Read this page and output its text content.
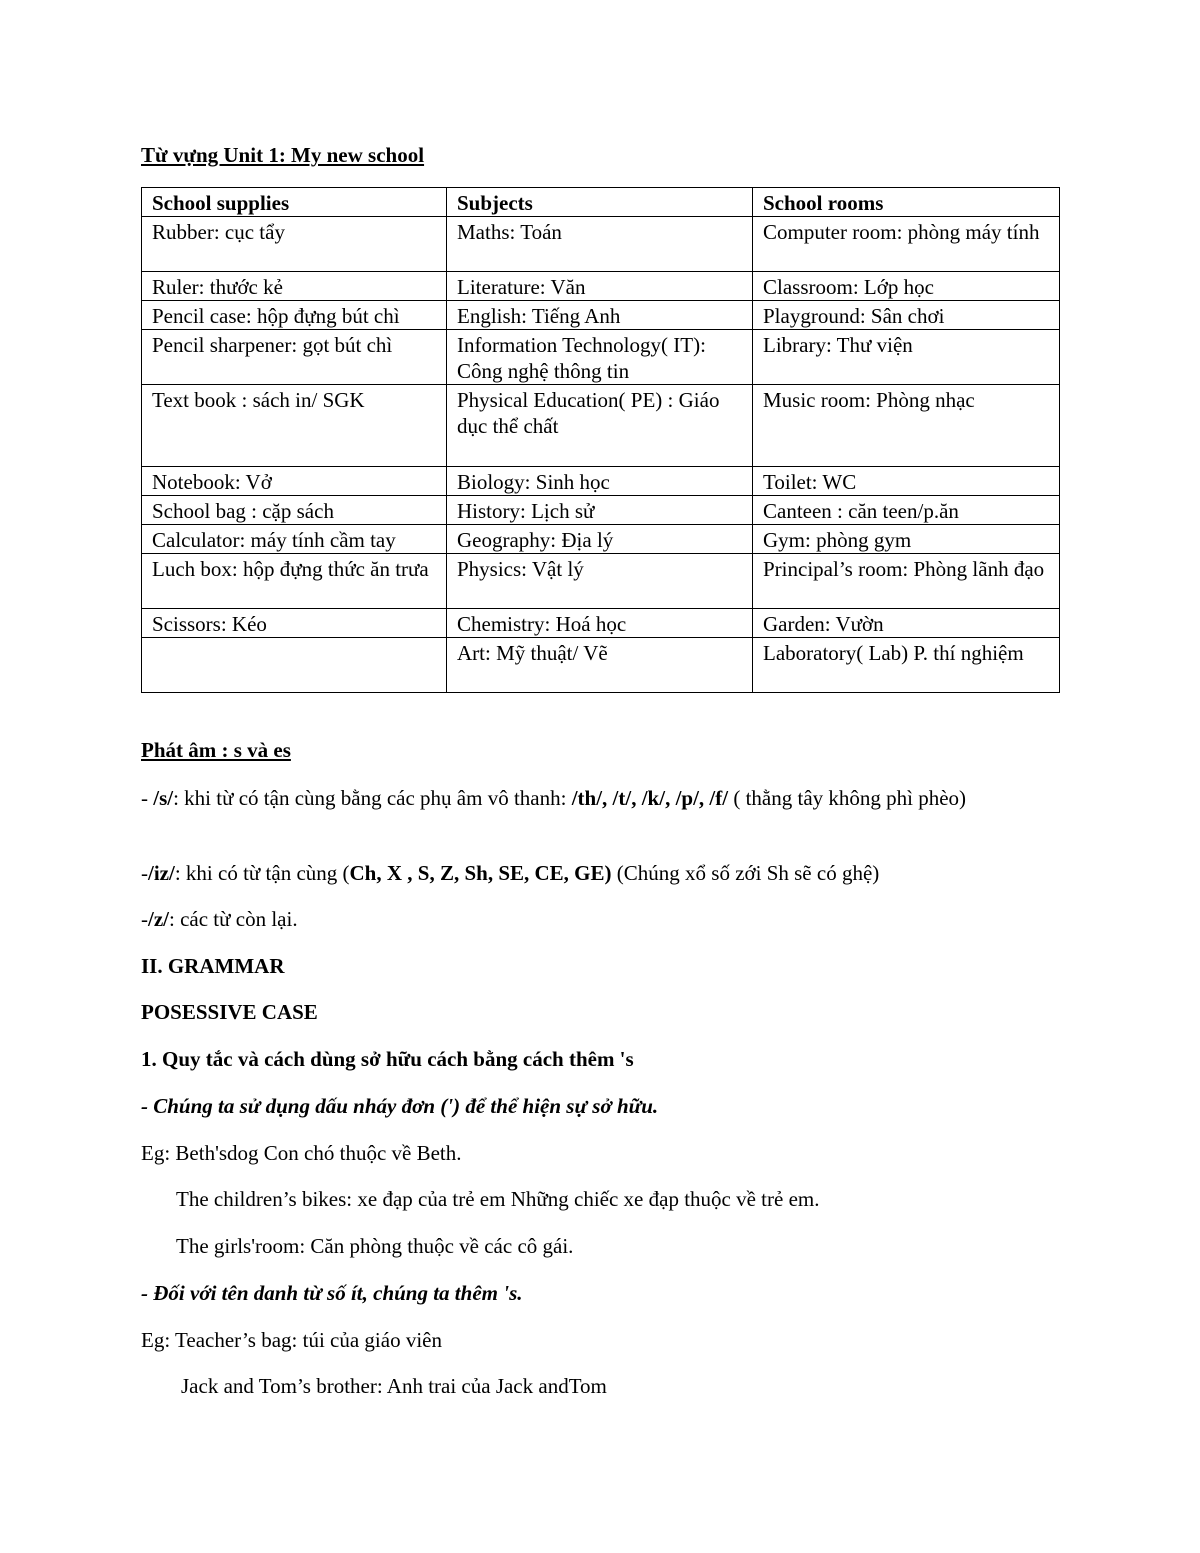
Từ vựng Unit 1: My new school
School supplies	Subjects	School rooms
Rubber: cục tẩy	Maths: Toán	Computer room: phòng máy tính
Ruler: thước kẻ	Literature: Văn	Classroom: Lớp học
Pencil case: hộp đựng bút chì	English: Tiếng Anh	Playground: Sân chơi
Pencil sharpener: gọt bút chì	Information Technology( IT): Công nghệ thông tin	Library: Thư viện
Text book : sách in/ SGK	Physical Education( PE) : Giáo dục thể chất	Music room: Phòng nhạc
Notebook: Vở	Biology: Sinh học	Toilet: WC
School bag : cặp sách	History: Lịch sử	Canteen : căn teen/p.ăn
Calculator: máy tính cầm tay	Geography: Địa lý	Gym: phòng gym
Luch box: hộp đựng thức ăn trưa	Physics: Vật lý	Principal’s room: Phòng lãnh đạo
Scissors: Kéo	Chemistry: Hoá học	Garden: Vườn
	Art: Mỹ thuật/ Vẽ	Laboratory( Lab) P. thí nghiệm
Phát âm : s và es
- /s/: khi từ có tận cùng bằng các phụ âm vô thanh: /th/, /t/, /k/, /p/, /f/ ( thằng tây không phì phèo)
-/iz/: khi có từ tận cùng (Ch, X , S, Z, Sh, SE, CE, GE) (Chúng xổ số zới Sh sẽ có ghệ)
-/z/: các từ còn lại.
II. GRAMMAR
POSESSIVE CASE
1. Quy tắc và cách dùng sở hữu cách bằng cách thêm 's
- Chúng ta sử dụng dấu nháy đơn (') để thể hiện sự sở hữu.
Eg: Beth'sdog Con chó thuộc về Beth.
The children’s bikes: xe đạp của trẻ em Những chiếc xe đạp thuộc về trẻ em.
The girls'room: Căn phòng thuộc về các cô gái.
- Đối với tên danh từ số ít, chúng ta thêm 's.
Eg: Teacher’s bag: túi của giáo viên
Jack and Tom’s brother: Anh trai của Jack andTom
